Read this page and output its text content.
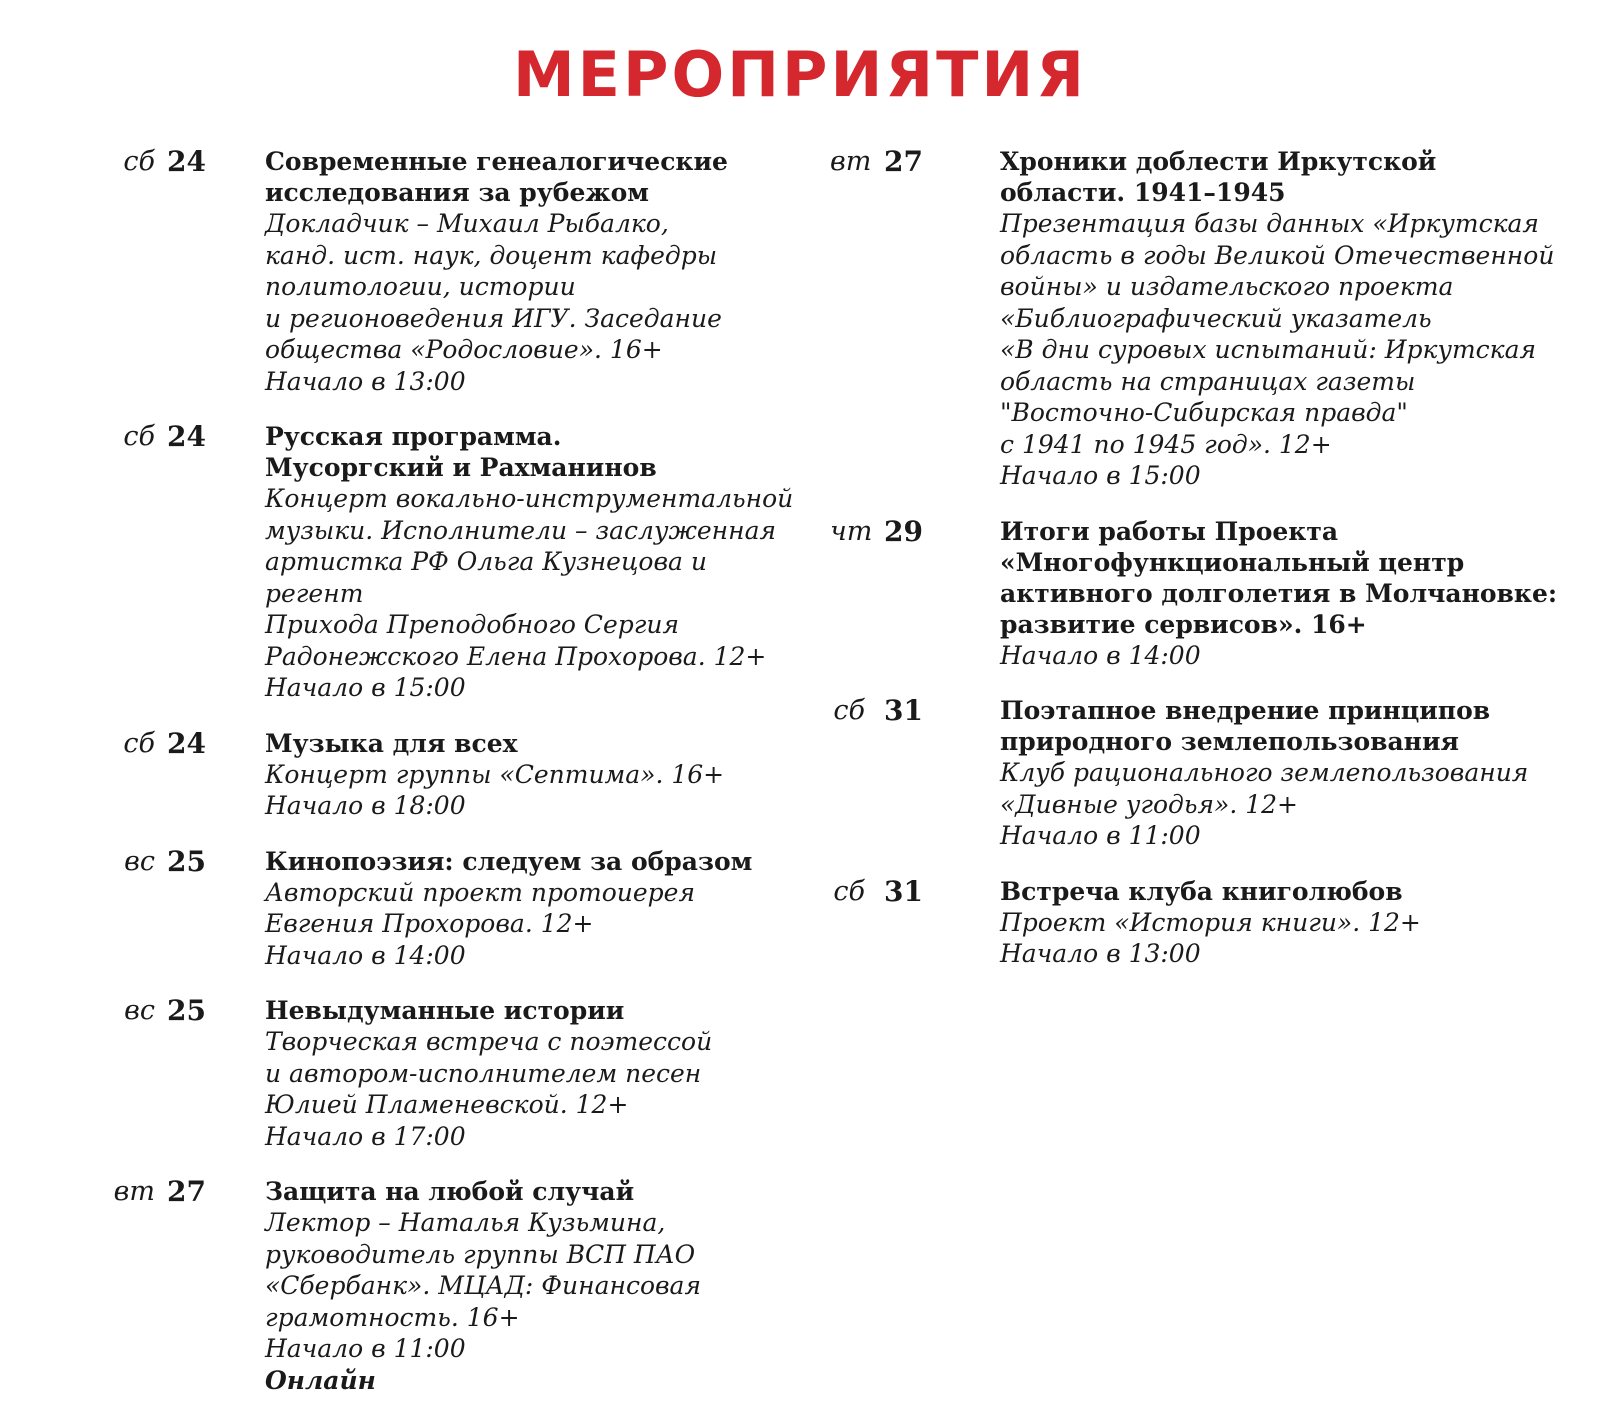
МЕРОПРИЯТИЯ
сб 24 Современные генеалогические
исследования за рубежом
Докладчик – Михаил Рыбалко,
канд. ист. наук, доцент кафедры
политологии, истории
и регионоведения ИГУ. Заседание
общества «Родословие». 16+
Начало в 13:00
сб 24 Русская программа.
Мусоргский и Рахманинов
Концерт вокально-инструментальной
музыки. Исполнители – заслуженная
артистка РФ Ольга Кузнецова и регент
Прихода Преподобного Сергия
Радонежского Елена Прохорова. 12+
Начало в 15:00
сб 24 Музыка для всех
Концерт группы «Септима». 16+
Начало в 18:00
вс 25 Кинопоэзия: следуем за образом
Авторский проект протоиерея
Евгения Прохорова. 12+
Начало в 14:00
вс 25 Невыдуманные истории
Творческая встреча с поэтессой
и автором-исполнителем песен
Юлией Пламеневской. 12+
Начало в 17:00
вт 27 Защита на любой случай
Лектор – Наталья Кузьмина,
руководитель группы ВСП ПАО
«Сбербанк». МЦАД: Финансовая
грамотность. 16+
Начало в 11:00
Онлайн
вт 27	Хроники доблести Иркутской
области. 1941–1945
Презентация базы данных «Иркутская
область в годы Великой Отечественной
войны» и издательского проекта
«Библиографический указатель
«В дни суровых испытаний: Иркутская
область на страницах газеты
"Восточно-Сибирская правда"
с 1941 по 1945 год». 12+
Начало в 15:00
чт 29	Итоги работы Проекта
«Многофункциональный центр
активного долголетия в Молчановке:
развитие сервисов». 16+
Начало в 14:00
сб 31	Поэтапное внедрение принципов
природного землепользования
Клуб рационального землепользования
«Дивные угодья». 12+
Начало в 11:00
сб 31	Встреча клуба книголюбов
Проект «История книги». 12+
Начало в 13:00
